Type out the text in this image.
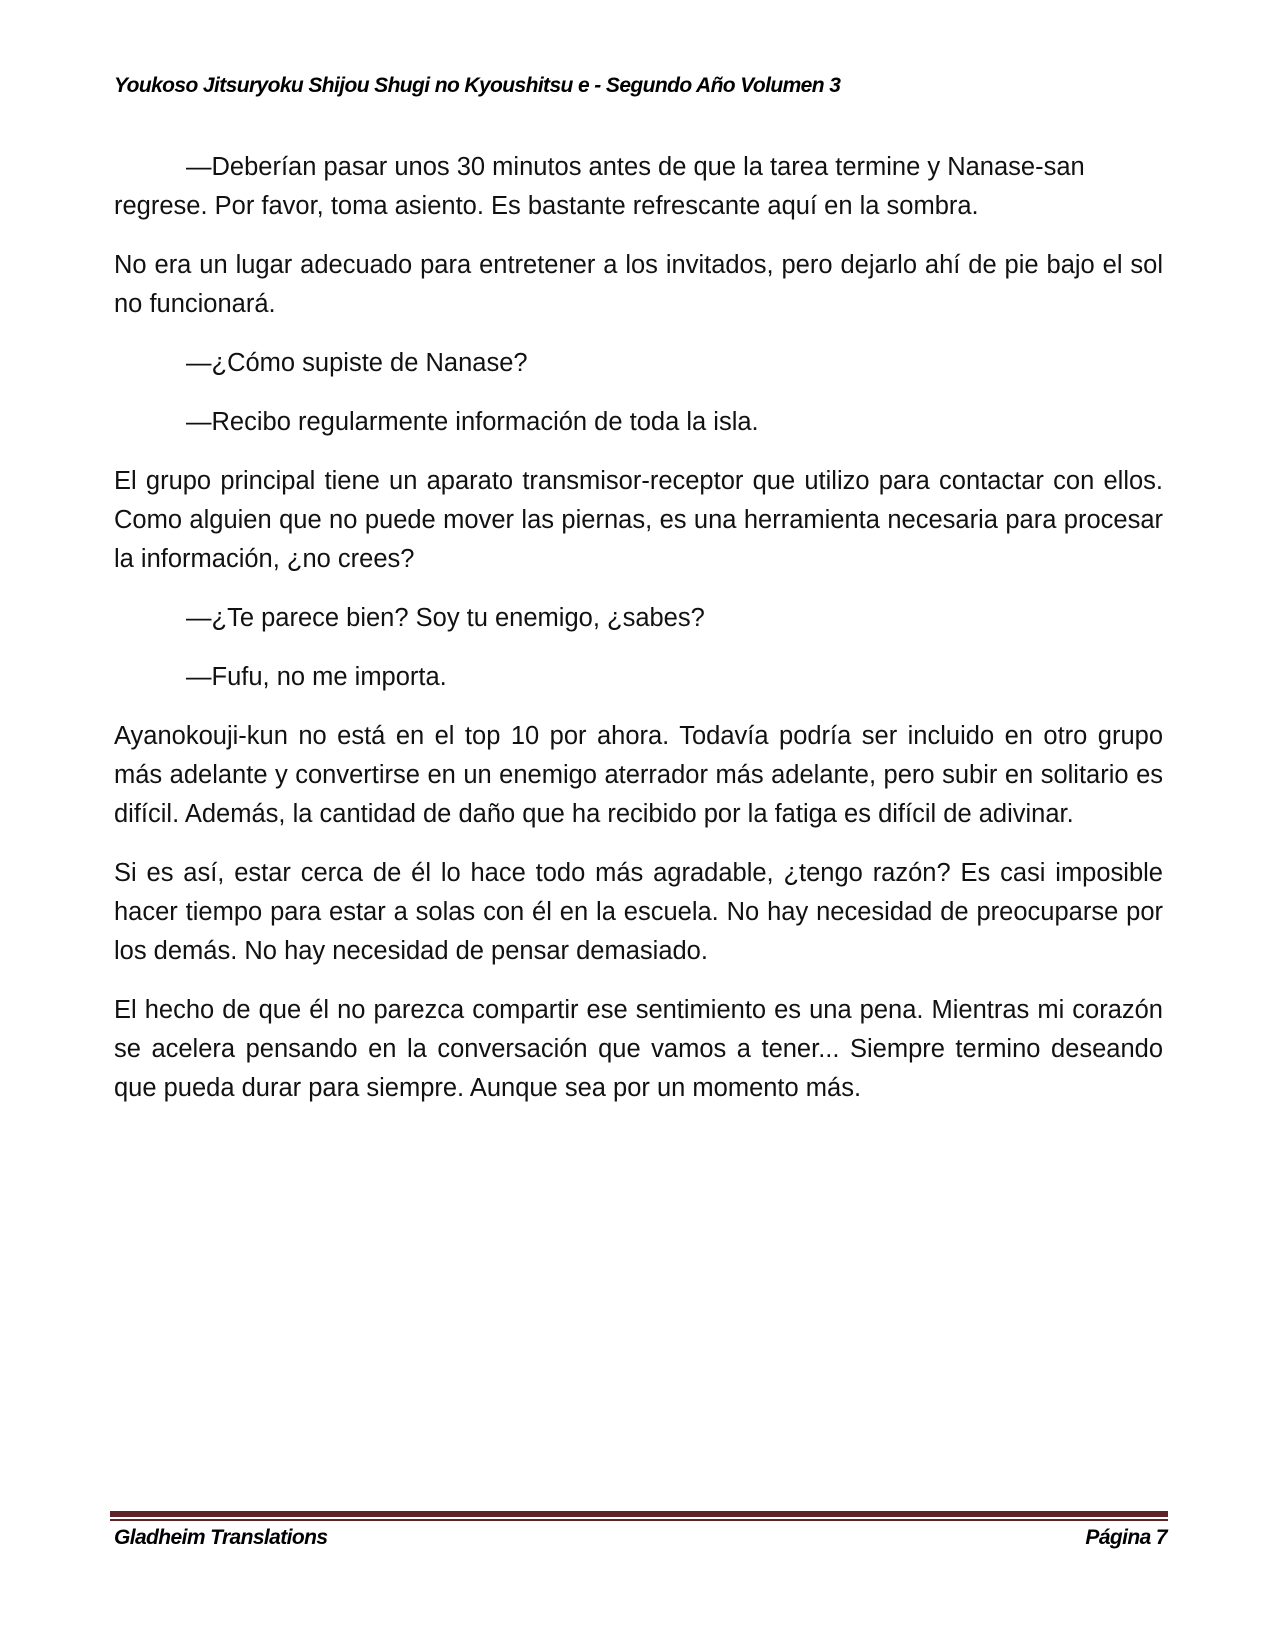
Youkoso Jitsuryoku Shijou Shugi no Kyoushitsu e - Segundo Año Volumen 3

—Deberían pasar unos 30 minutos antes de que la tarea termine y Nanase-san regrese. Por favor, toma asiento. Es bastante refrescante aquí en la sombra.

No era un lugar adecuado para entretener a los invitados, pero dejarlo ahí de pie bajo el sol no funcionará.

—¿Cómo supiste de Nanase?

—Recibo regularmente información de toda la isla.

El grupo principal tiene un aparato transmisor-receptor que utilizo para contactar con ellos. Como alguien que no puede mover las piernas, es una herramienta necesaria para procesar la información, ¿no crees?

—¿Te parece bien? Soy tu enemigo, ¿sabes?

—Fufu, no me importa.

Ayanokouji-kun no está en el top 10 por ahora. Todavía podría ser incluido en otro grupo más adelante y convertirse en un enemigo aterrador más adelante, pero subir en solitario es difícil. Además, la cantidad de daño que ha recibido por la fatiga es difícil de adivinar.

Si es así, estar cerca de él lo hace todo más agradable, ¿tengo razón? Es casi imposible hacer tiempo para estar a solas con él en la escuela. No hay necesidad de preocuparse por los demás. No hay necesidad de pensar demasiado.

El hecho de que él no parezca compartir ese sentimiento es una pena. Mientras mi corazón se acelera pensando en la conversación que vamos a tener... Siempre termino deseando que pueda durar para siempre. Aunque sea por un momento más.

Gladheim Translations	Página 7
